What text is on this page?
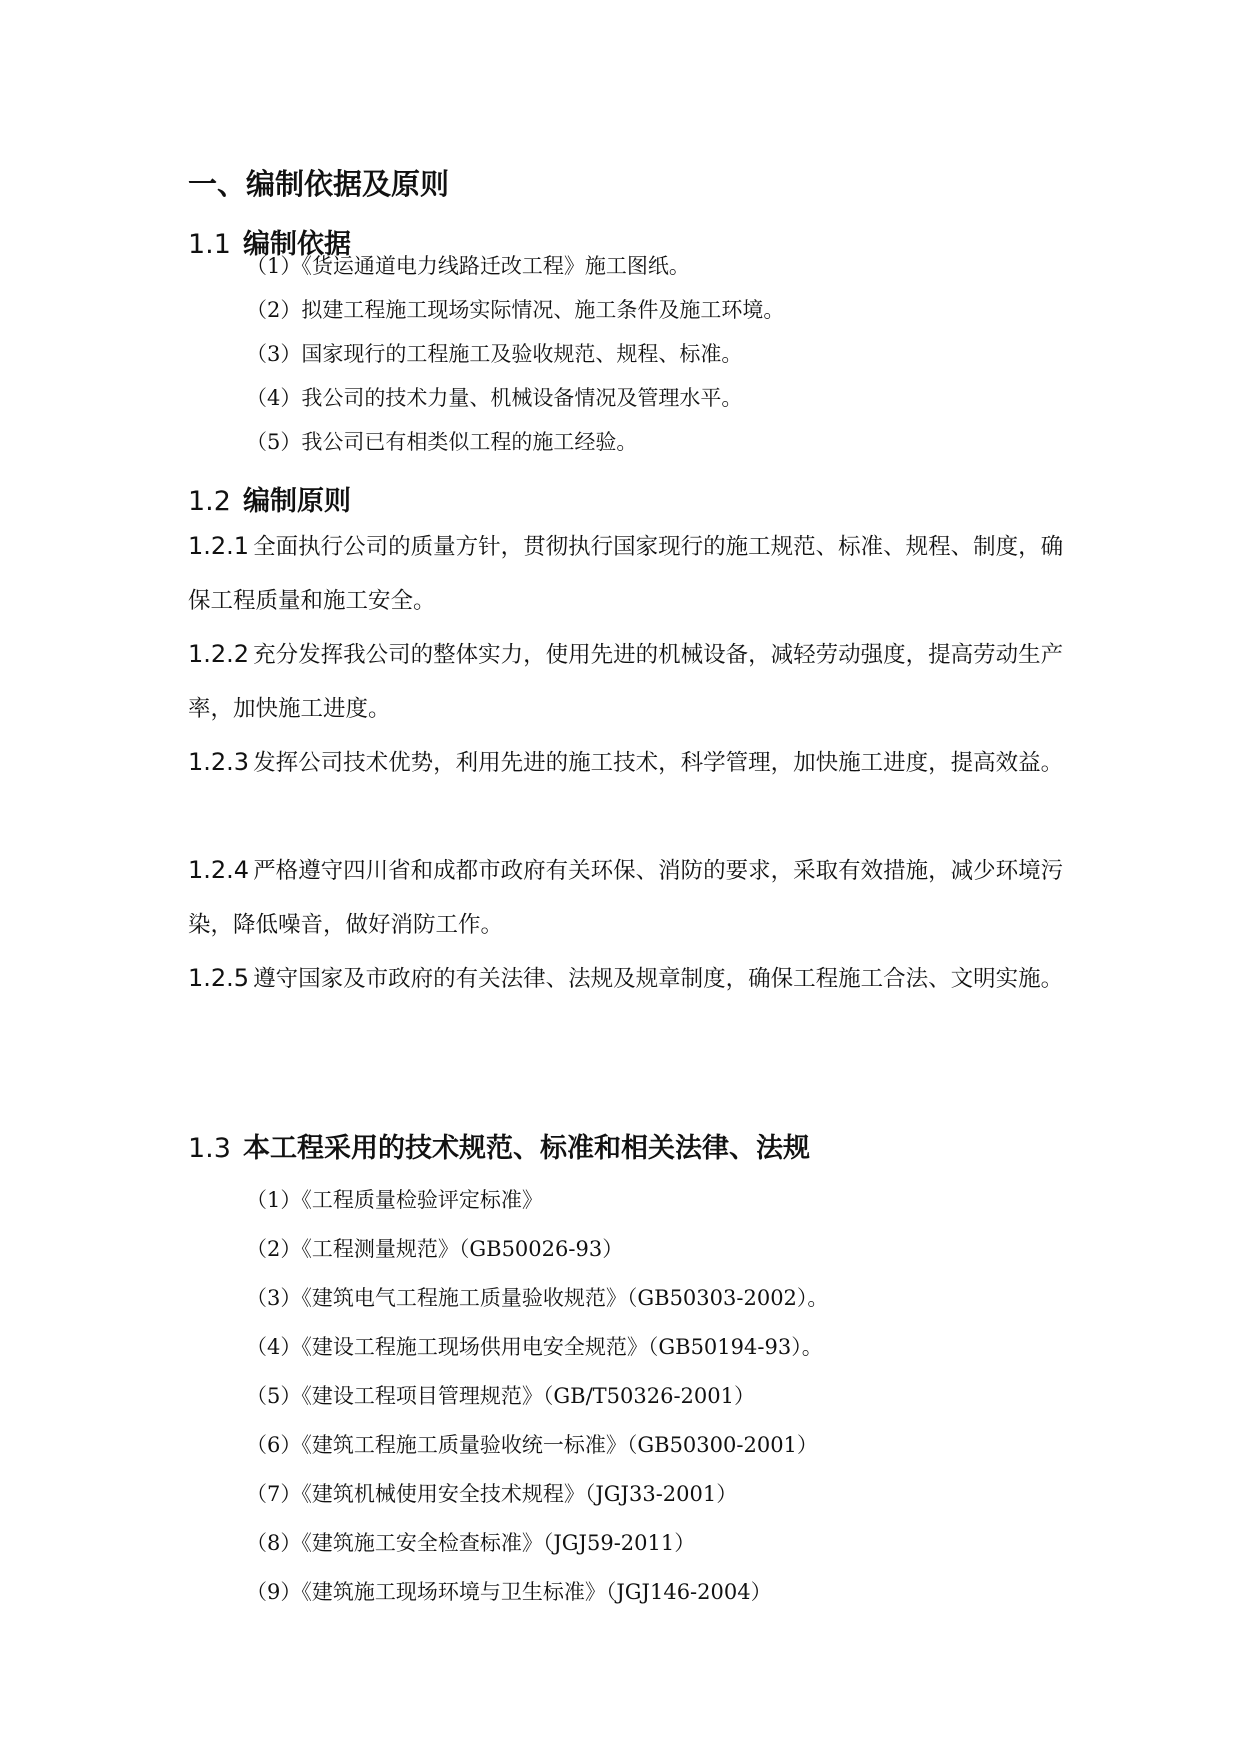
一、编制依据及原则
1.1 编制依据
（1）《货运通道电力线路迁改工程》施工图纸。
（2）拟建工程施工现场实际情况、施工条件及施工环境。
（3）国家现行的工程施工及验收规范、规程、标准。
（4）我公司的技术力量、机械设备情况及管理水平。
（5）我公司已有相类似工程的施工经验。
1.2 编制原则
1.2.1 全面执行公司的质量方针，贯彻执行国家现行的施工规范、标准、规程、制度，确保工程质量和施工安全。
1.2.2 充分发挥我公司的整体实力，使用先进的机械设备，减轻劳动强度，提高劳动生产率，加快施工进度。
1.2.3 发挥公司技术优势，利用先进的施工技术，科学管理，加快施工进度，提高效益。
1.2.4 严格遵守四川省和成都市政府有关环保、消防的要求，采取有效措施，减少环境污染，降低噪音，做好消防工作。
1.2.5 遵守国家及市政府的有关法律、法规及规章制度，确保工程施工合法、文明实施。
1.3 本工程采用的技术规范、标准和相关法律、法规
（1）《工程质量检验评定标准》
（2）《工程测量规范》（GB50026-93）
（3）《建筑电气工程施工质量验收规范》（GB50303-2002）。
（4）《建设工程施工现场供用电安全规范》（GB50194-93）。
（5）《建设工程项目管理规范》（GB/T50326-2001）
（6）《建筑工程施工质量验收统一标准》（GB50300-2001）
（7）《建筑机械使用安全技术规程》（JGJ33-2001）
（8）《建筑施工安全检查标准》（JGJ59-2011）
（9）《建筑施工现场环境与卫生标准》（JGJ146-2004）
